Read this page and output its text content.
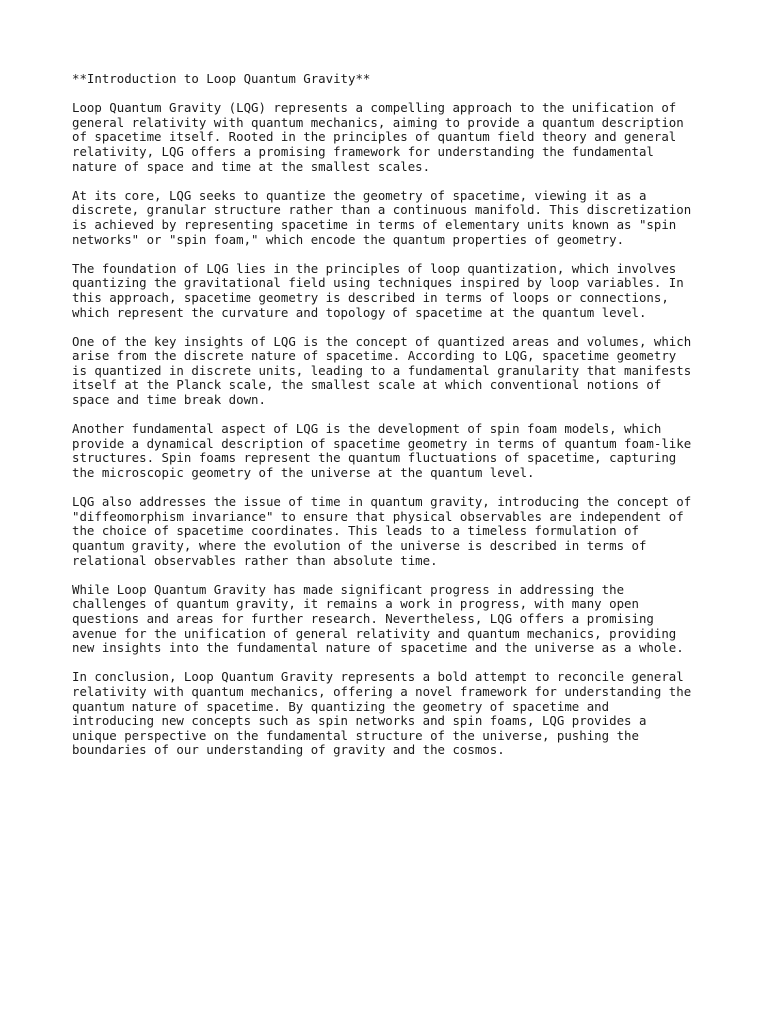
**Introduction to Loop Quantum Gravity**

Loop Quantum Gravity (LQG) represents a compelling approach to the unification of
general relativity with quantum mechanics, aiming to provide a quantum description
of spacetime itself. Rooted in the principles of quantum field theory and general
relativity, LQG offers a promising framework for understanding the fundamental
nature of space and time at the smallest scales.

At its core, LQG seeks to quantize the geometry of spacetime, viewing it as a
discrete, granular structure rather than a continuous manifold. This discretization
is achieved by representing spacetime in terms of elementary units known as "spin
networks" or "spin foam," which encode the quantum properties of geometry.

The foundation of LQG lies in the principles of loop quantization, which involves
quantizing the gravitational field using techniques inspired by loop variables. In
this approach, spacetime geometry is described in terms of loops or connections,
which represent the curvature and topology of spacetime at the quantum level.

One of the key insights of LQG is the concept of quantized areas and volumes, which
arise from the discrete nature of spacetime. According to LQG, spacetime geometry
is quantized in discrete units, leading to a fundamental granularity that manifests
itself at the Planck scale, the smallest scale at which conventional notions of
space and time break down.

Another fundamental aspect of LQG is the development of spin foam models, which
provide a dynamical description of spacetime geometry in terms of quantum foam-like
structures. Spin foams represent the quantum fluctuations of spacetime, capturing
the microscopic geometry of the universe at the quantum level.

LQG also addresses the issue of time in quantum gravity, introducing the concept of
"diffeomorphism invariance" to ensure that physical observables are independent of
the choice of spacetime coordinates. This leads to a timeless formulation of
quantum gravity, where the evolution of the universe is described in terms of
relational observables rather than absolute time.

While Loop Quantum Gravity has made significant progress in addressing the
challenges of quantum gravity, it remains a work in progress, with many open
questions and areas for further research. Nevertheless, LQG offers a promising
avenue for the unification of general relativity and quantum mechanics, providing
new insights into the fundamental nature of spacetime and the universe as a whole.

In conclusion, Loop Quantum Gravity represents a bold attempt to reconcile general
relativity with quantum mechanics, offering a novel framework for understanding the
quantum nature of spacetime. By quantizing the geometry of spacetime and
introducing new concepts such as spin networks and spin foams, LQG provides a
unique perspective on the fundamental structure of the universe, pushing the
boundaries of our understanding of gravity and the cosmos.
